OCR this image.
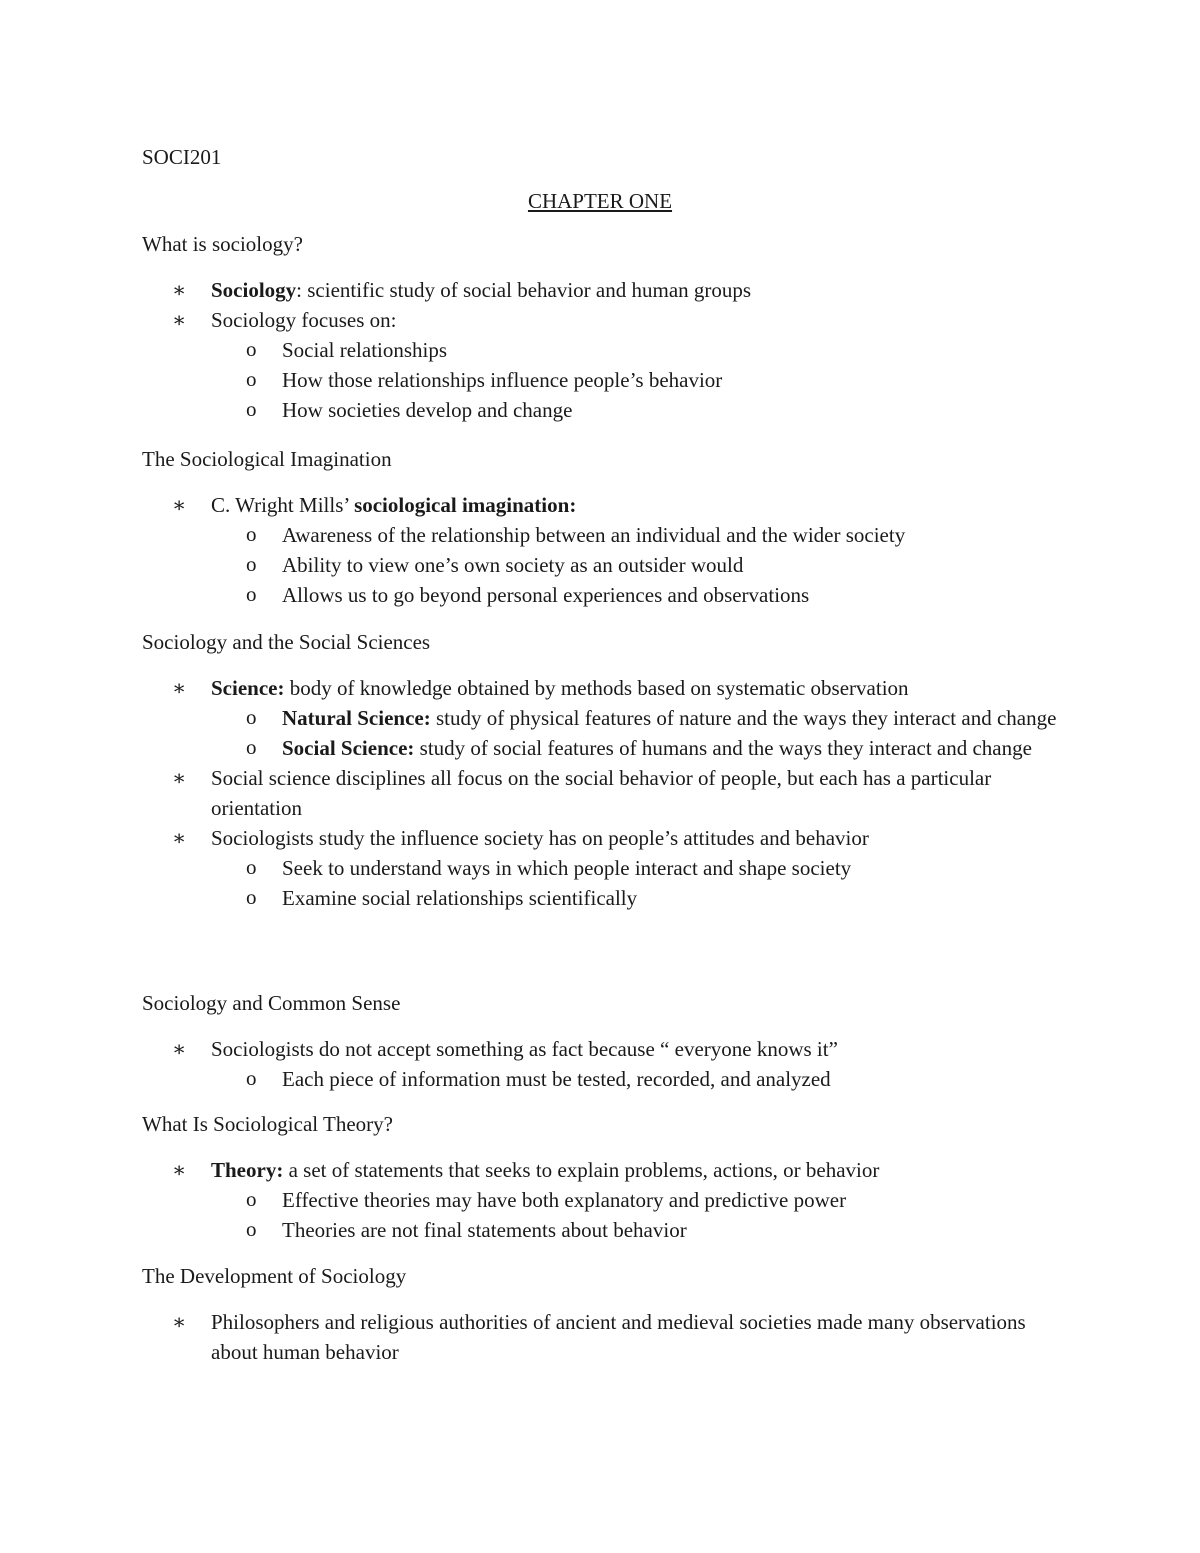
SOCI201
CHAPTER ONE
What is sociology?
∗ Sociology: scientific study of social behavior and human groups
∗ Sociology focuses on:
o Social relationships
o How those relationships influence people’s behavior
o How societies develop and change
The Sociological Imagination
∗ C. Wright Mills’ sociological imagination:
o Awareness of the relationship between an individual and the wider society
o Ability to view one’s own society as an outsider would
o Allows us to go beyond personal experiences and observations
Sociology and the Social Sciences
∗ Science: body of knowledge obtained by methods based on systematic observation
o Natural Science: study of physical features of nature and the ways they interact and change
o Social Science: study of social features of humans and the ways they interact and change
∗ Social science disciplines all focus on the social behavior of people, but each has a particular orientation
∗ Sociologists study the influence society has on people’s attitudes and behavior
o Seek to understand ways in which people interact and shape society
o Examine social relationships scientifically
Sociology and Common Sense
∗ Sociologists do not accept something as fact because “ everyone knows it”
o Each piece of information must be tested, recorded, and analyzed
What Is Sociological Theory?
∗ Theory: a set of statements that seeks to explain problems, actions, or behavior
o Effective theories may have both explanatory and predictive power
o Theories are not final statements about behavior
The Development of Sociology
∗ Philosophers and religious authorities of ancient and medieval societies made many observations about human behavior
